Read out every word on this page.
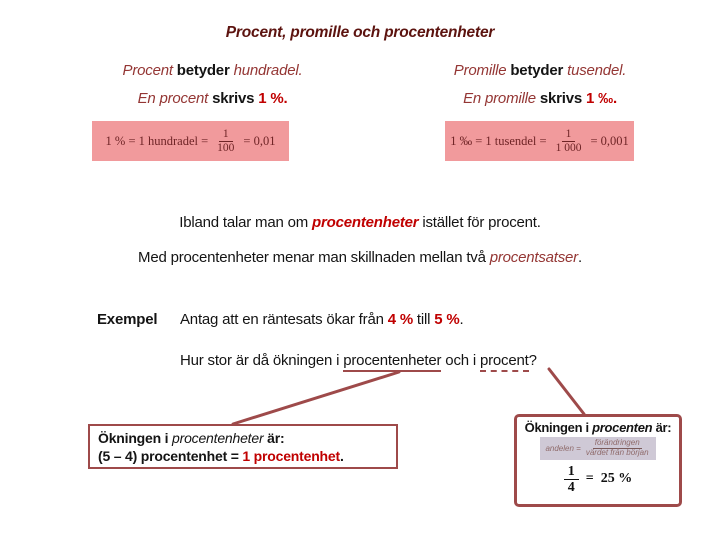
Procent, promille och procentenheter
Procent betyder hundradel.
En procent skrivs 1 %.
Promille betyder tusendel.
En promille skrivs 1 ‰.
1 % = 1 hundradel = $\frac{1}{100} = 0,01$	1 ‰ = 1 tusendel = $\frac{1}{1 000} = 0,001$
Ibland talar man om procentenheter istället för procent.
Med procentenheter menar man skillnaden mellan två procentsatser.
Exempel Antag att en räntesats ökar från 4 % till 5 %.
Hur stor är då ökningen i procentenheter och i procent?
Ökningen i procentenheter är:
(5 – 4) procentenhet = 1 procentenhet.
Ökningen i procenten är:
andelen = $\frac{\text{förändringen}}{\text{värdet från början}}$
$\frac{1}{4} = 25$ %
